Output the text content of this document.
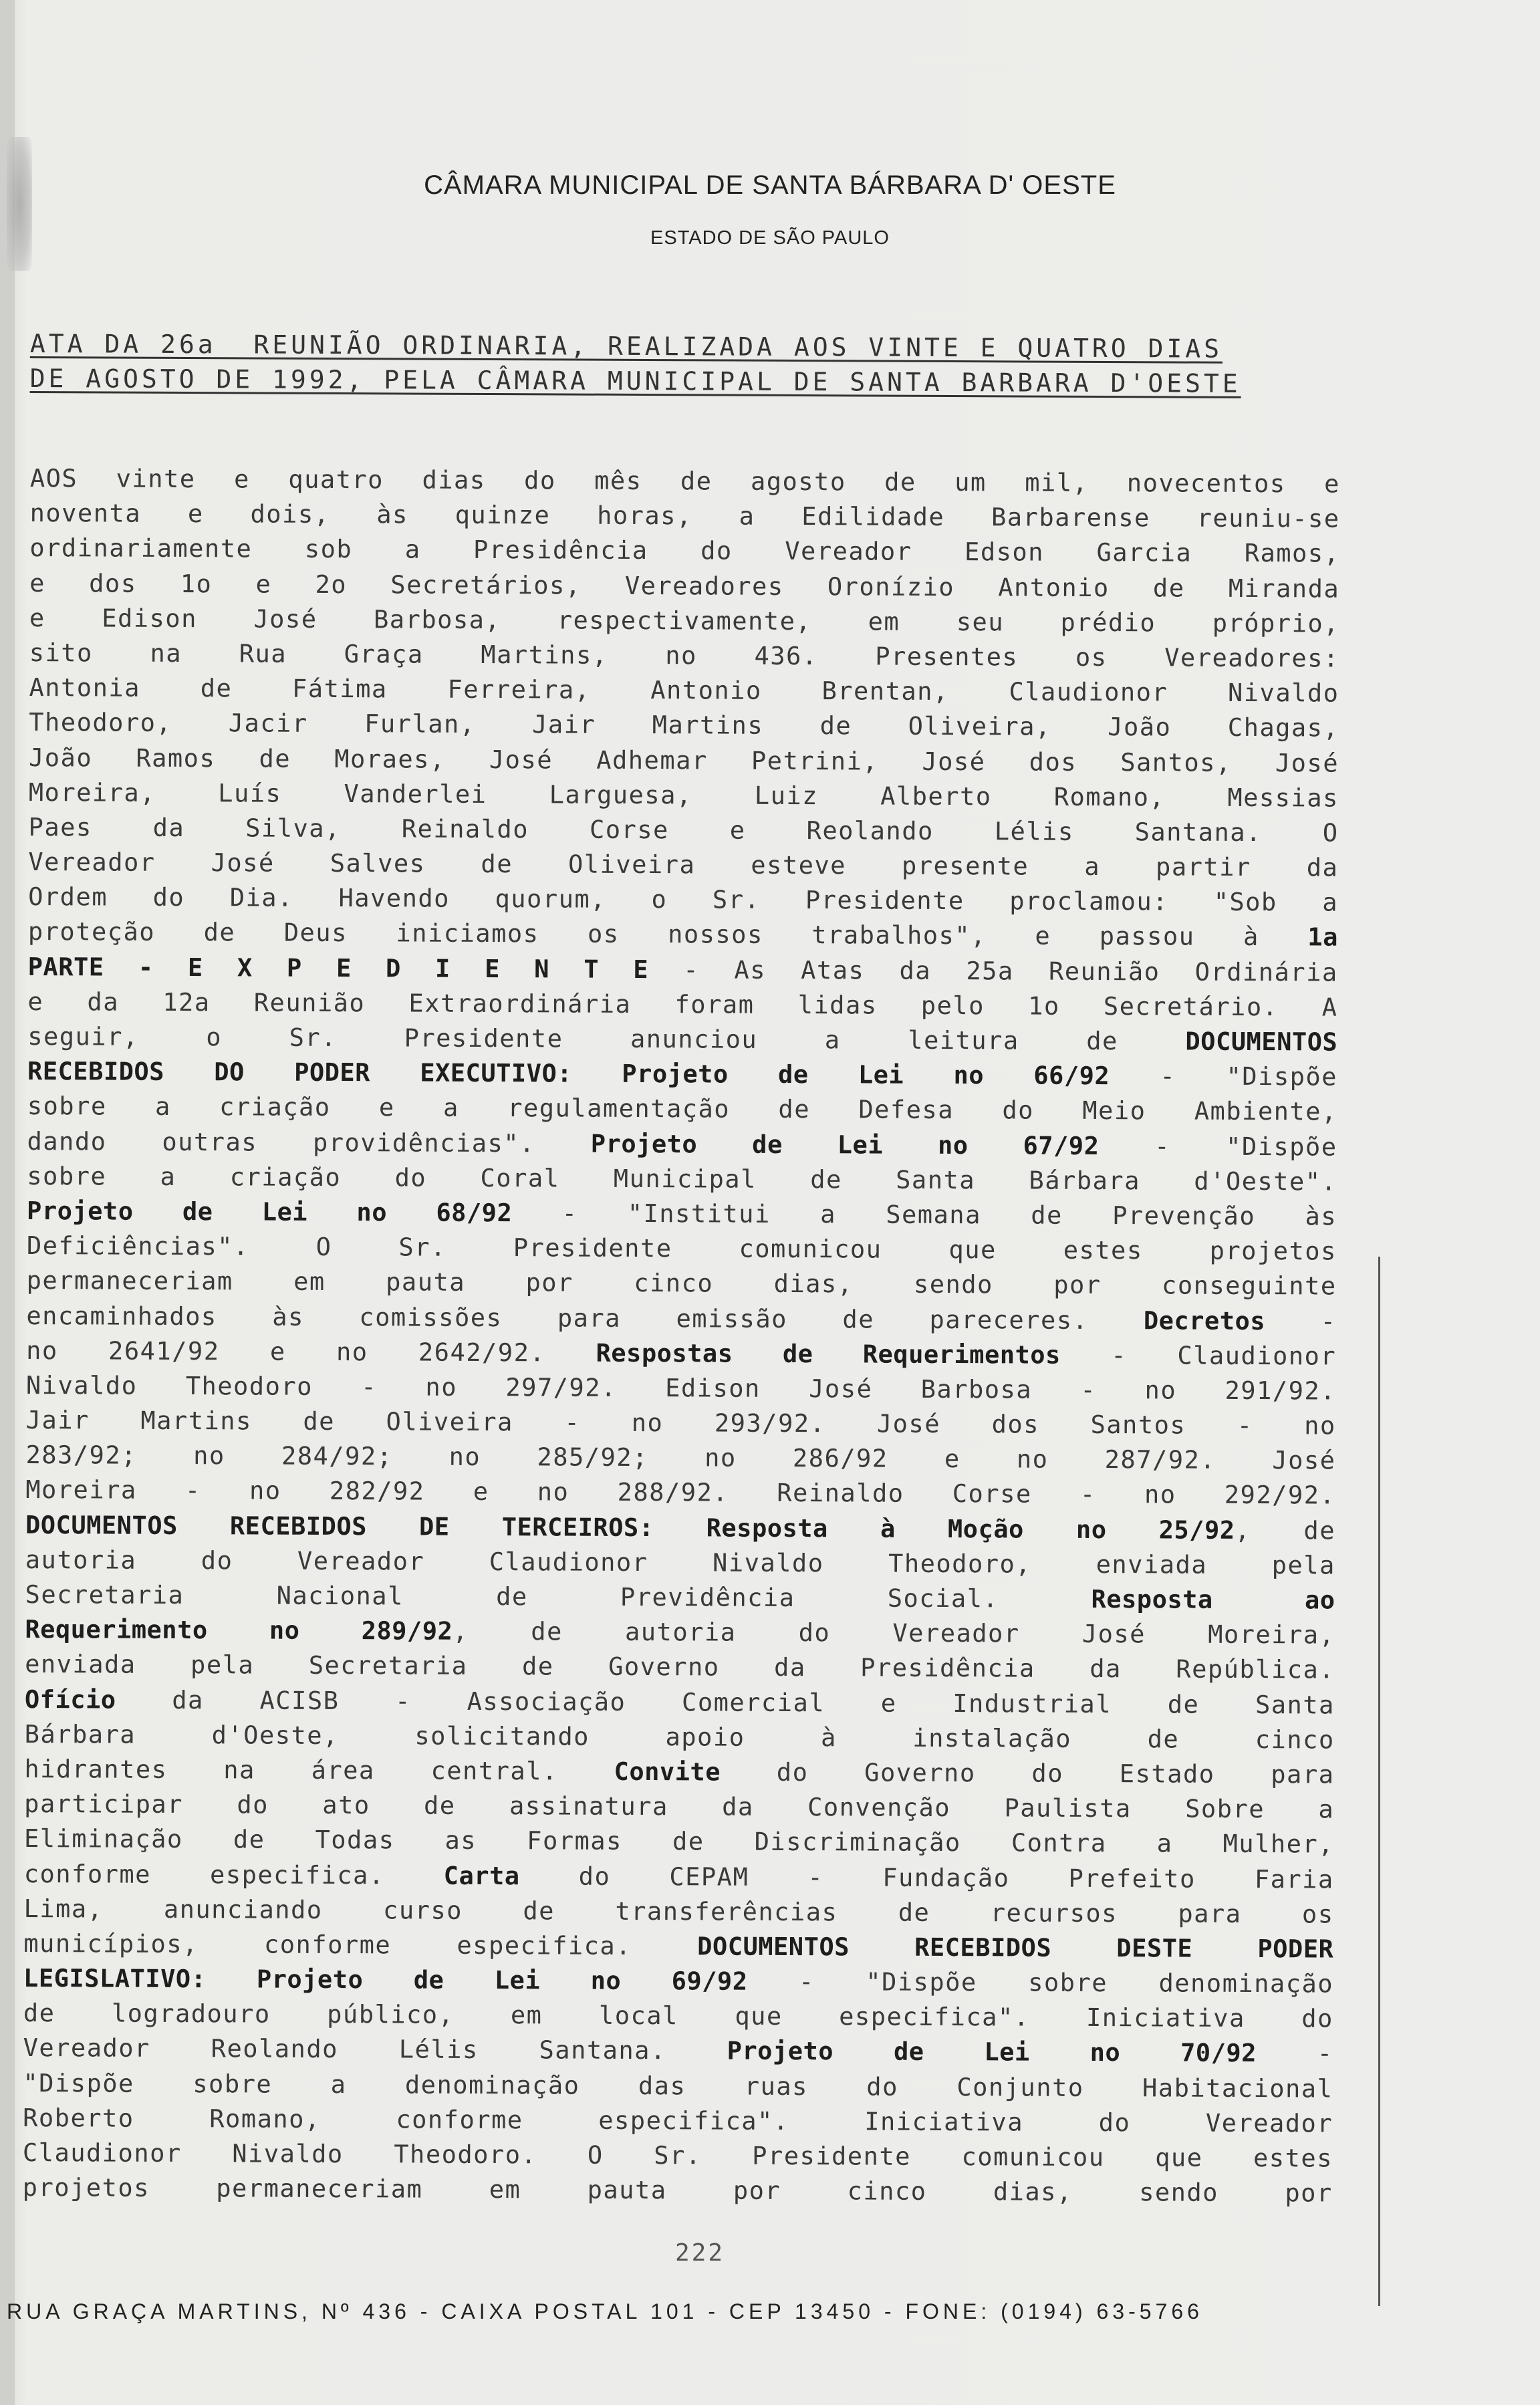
CÂMARA MUNICIPAL DE SANTA BÁRBARA D' OESTE
ESTADO DE SÃO PAULO
ATA DA 26a  REUNIÃO ORDINARIA, REALIZADA AOS VINTE E QUATRO DIAS
DE AGOSTO DE 1992, PELA CÂMARA MUNICIPAL DE SANTA BARBARA D'OESTE
AOS vinte e quatro dias do mês de agosto de um mil, novecentos e
noventa e dois, às quinze horas, a Edilidade Barbarense reuniu-se
ordinariamente sob a Presidência do Vereador Edson Garcia Ramos,
e dos 1o e 2o Secretários, Vereadores Oronízio Antonio de Miranda
e Edison José Barbosa, respectivamente, em seu prédio próprio,
sito na Rua Graça Martins, no 436. Presentes os Vereadores:
Antonia de Fátima Ferreira, Antonio Brentan, Claudionor Nivaldo
Theodoro, Jacir Furlan, Jair Martins de Oliveira, João Chagas,
João Ramos de Moraes, José Adhemar Petrini, José dos Santos, José
Moreira, Luís Vanderlei Larguesa, Luiz Alberto Romano, Messias
Paes da Silva, Reinaldo Corse e Reolando Lélis Santana. O
Vereador José Salves de Oliveira esteve presente a partir da
Ordem do Dia. Havendo quorum, o Sr. Presidente proclamou: "Sob a
proteção de Deus iniciamos os nossos trabalhos", e passou à 1a
PARTE - E X P E D I E N T E - As Atas da 25a Reunião Ordinária
e da 12a Reunião Extraordinária foram lidas pelo 1o Secretário. A
seguir, o Sr. Presidente anunciou a leitura de DOCUMENTOS
RECEBIDOS DO PODER EXECUTIVO: Projeto de Lei no 66/92 - "Dispõe
sobre a criação e a regulamentação de Defesa do Meio Ambiente,
dando outras providências". Projeto de Lei no 67/92 - "Dispõe
sobre a criação do Coral Municipal de Santa Bárbara d'Oeste".
Projeto de Lei no 68/92 - "Institui a Semana de Prevenção às
Deficiências". O Sr. Presidente comunicou que estes projetos
permaneceriam em pauta por cinco dias, sendo por conseguinte
encaminhados às comissões para emissão de pareceres. Decretos -
no 2641/92 e no 2642/92. Respostas de Requerimentos - Claudionor
Nivaldo Theodoro - no 297/92. Edison José Barbosa - no 291/92.
Jair Martins de Oliveira - no 293/92. José dos Santos - no
283/92; no 284/92; no 285/92; no 286/92 e no 287/92. José
Moreira - no 282/92 e no 288/92. Reinaldo Corse - no 292/92.
DOCUMENTOS RECEBIDOS DE TERCEIROS: Resposta à Moção no 25/92, de
autoria do Vereador Claudionor Nivaldo Theodoro, enviada pela
Secretaria Nacional de Previdência Social. Resposta ao
Requerimento no 289/92, de autoria do Vereador José Moreira,
enviada pela Secretaria de Governo da Presidência da República.
Ofício da ACISB - Associação Comercial e Industrial de Santa
Bárbara d'Oeste, solicitando apoio à instalação de cinco
hidrantes na área central. Convite do Governo do Estado para
participar do ato de assinatura da Convenção Paulista Sobre a
Eliminação de Todas as Formas de Discriminação Contra a Mulher,
conforme especifica. Carta do CEPAM - Fundação Prefeito Faria
Lima, anunciando curso de transferências de recursos para os
municípios, conforme especifica. DOCUMENTOS RECEBIDOS DESTE PODER
LEGISLATIVO: Projeto de Lei no 69/92 - "Dispõe sobre denominação
de logradouro público, em local que especifica". Iniciativa do
Vereador Reolando Lélis Santana. Projeto de Lei no 70/92 -
"Dispõe sobre a denominação das ruas do Conjunto Habitacional
Roberto Romano, conforme especifica". Iniciativa do Vereador
Claudionor Nivaldo Theodoro. O Sr. Presidente comunicou que estes
projetos permaneceriam em pauta por cinco dias, sendo por
222
RUA GRAÇA MARTINS, Nº 436 - CAIXA POSTAL 101 - CEP 13450 - FONE: (0194) 63-5766
